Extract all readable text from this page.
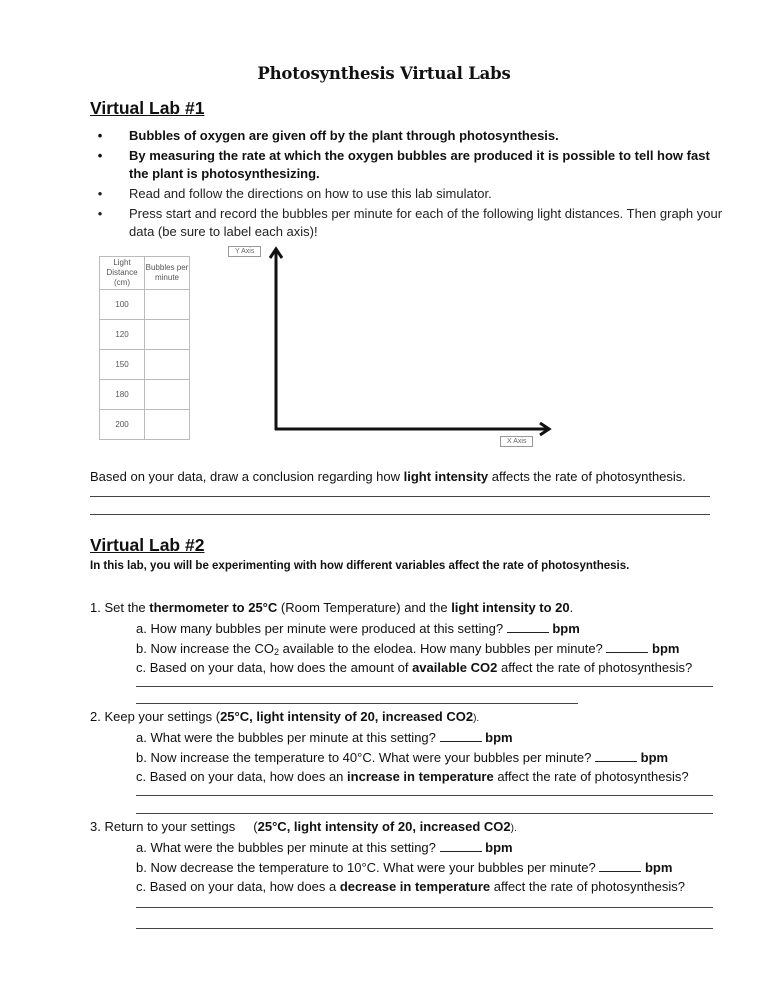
Photosynthesis Virtual Labs
Virtual Lab #1
•	Bubbles of oxygen are given off by the plant through photosynthesis.
•	By measuring the rate at which the oxygen bubbles are produced it is possible to tell how fast the plant is photosynthesizing.
•	Read and follow the directions on how to use this lab simulator.
•	Press start and record the bubbles per minute for each of the following light distances. Then graph your data (be sure to label each axis)!
Light Distance (cm)	Bubbles per minute
100	
120	
150	
180	
200	
Y Axis
X Axis
Based on your data, draw a conclusion regarding how light intensity affects the rate of photosynthesis.
Virtual Lab #2
In this lab, you will be experimenting with how different variables affect the rate of photosynthesis.
1. Set the thermometer to 25°C (Room Temperature) and the light intensity to 20.
a. How many bubbles per minute were produced at this setting?	bpm
b. Now increase the $CO_2$ available to the elodea. How many bubbles per minute?	bpm
c. Based on your data, how does the amount of available CO2 affect the rate of photosynthesis?
2. Keep your settings (25°C, light intensity of 20, increased CO2).
a. What were the bubbles per minute at this setting?	bpm
b. Now increase the temperature to 40°C. What were your bubbles per minute?	bpm
c. Based on your data, how does an increase in temperature affect the rate of photosynthesis?
3. Return to your settings     (25°C, light intensity of 20, increased CO2).
a. What were the bubbles per minute at this setting?	bpm
b. Now decrease the temperature to 10°C. What were your bubbles per minute?	bpm
c. Based on your data, how does a decrease in temperature affect the rate of photosynthesis?
